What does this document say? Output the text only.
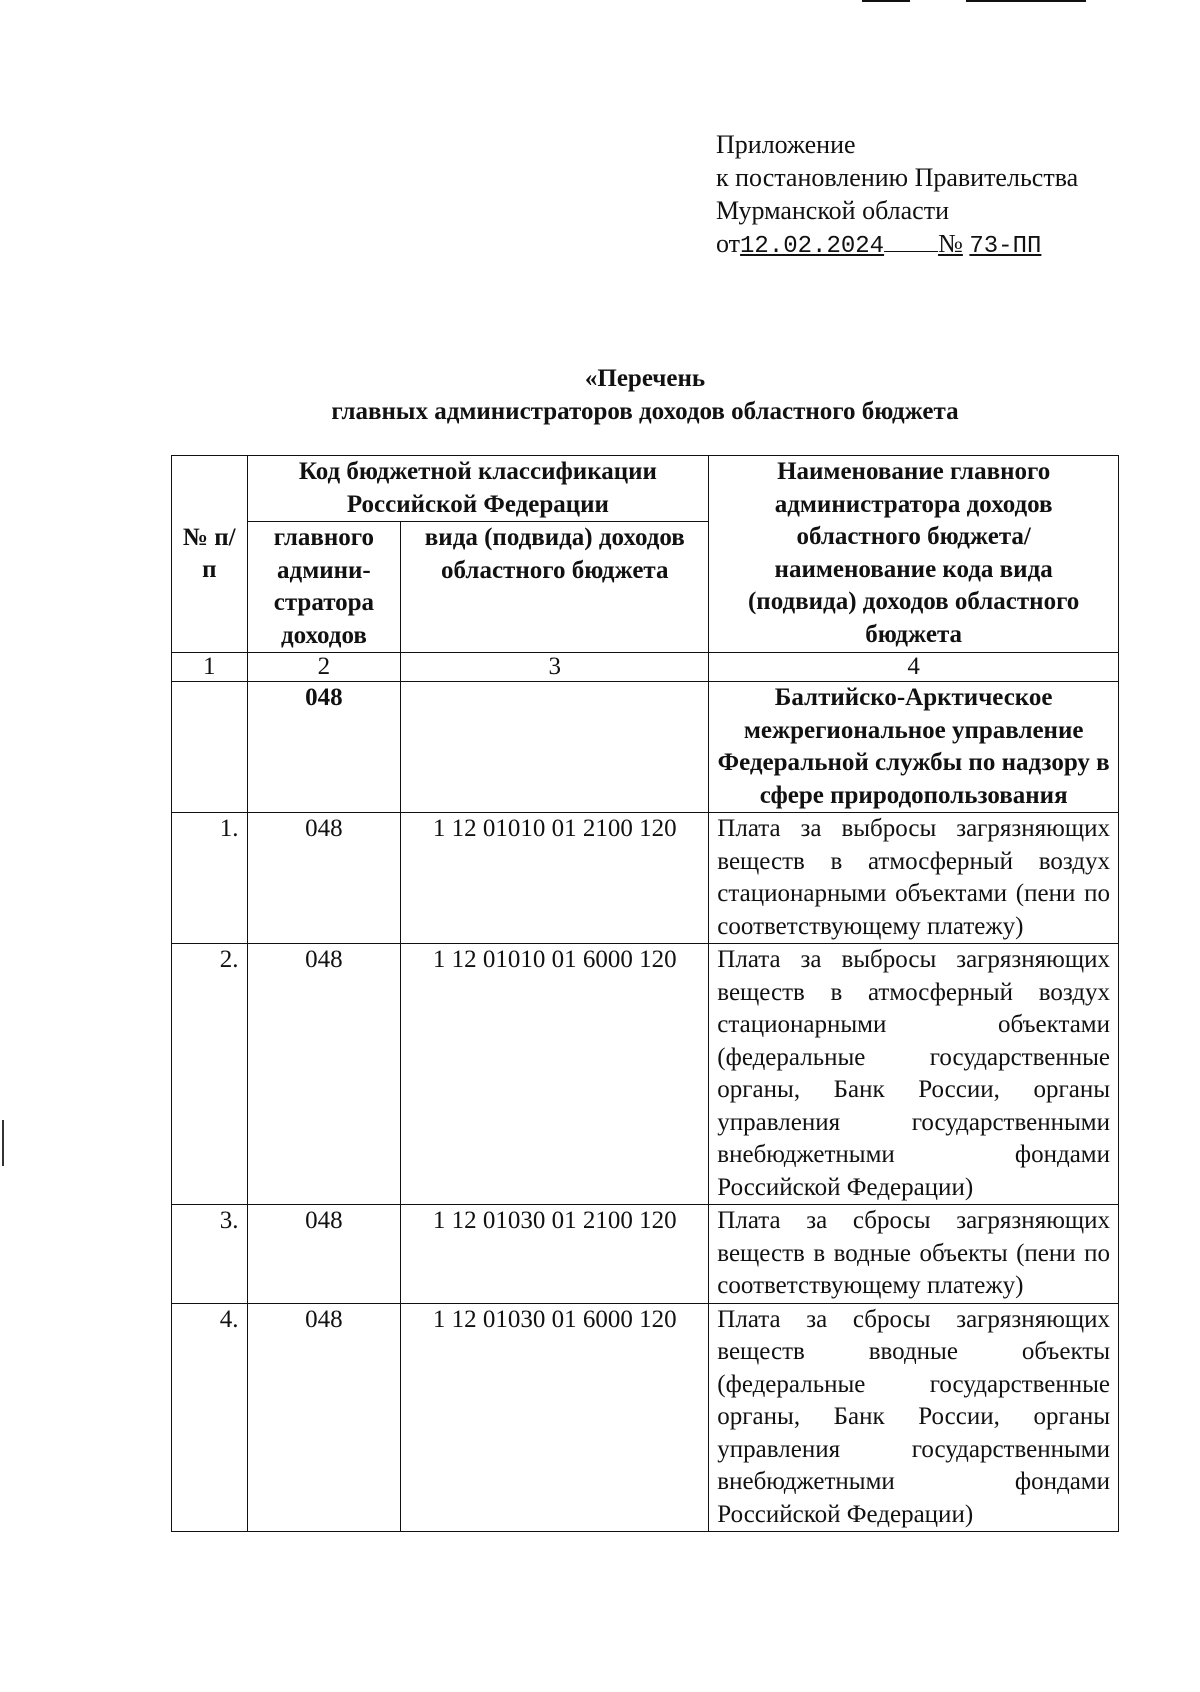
Приложение
к постановлению Правительства
Мурманской области
от12.02.2024 № 73-ПП
«Перечень
главных администраторов доходов областного бюджета
№ п/п	Код бюджетной классификации Российской Федерации		Наименование главного администратора доходов областного бюджета/наименование кода вида (подвида) доходов областного бюджета
	главного админи-стратора доходов	вида (подвида) доходов областного бюджета	
1	2	3	4
	048		Балтийско-Арктическое межрегиональное управление Федеральной службы по надзору в сфере природопользования
1.	048	1 12 01010 01 2100 120	Плата за выбросы загрязняющих веществ в атмосферный воздух стационарными объектами (пени по соответствующему платежу)
2.	048	1 12 01010 01 6000 120	Плата за выбросы загрязняющих веществ в атмосферный воздух стационарными объектами (федеральные государственные органы, Банк России, органы управления государственными внебюджетными фондами Российской Федерации)
3.	048	1 12 01030 01 2100 120	Плата за сбросы загрязняющих веществ в водные объекты (пени по соответствующему платежу)
4.	048	1 12 01030 01 6000 120	Плата за сбросы загрязняющих веществ вводные объекты (федеральные государственные органы, Банк России, органы управления государственными внебюджетными фондами Российской Федерации)
